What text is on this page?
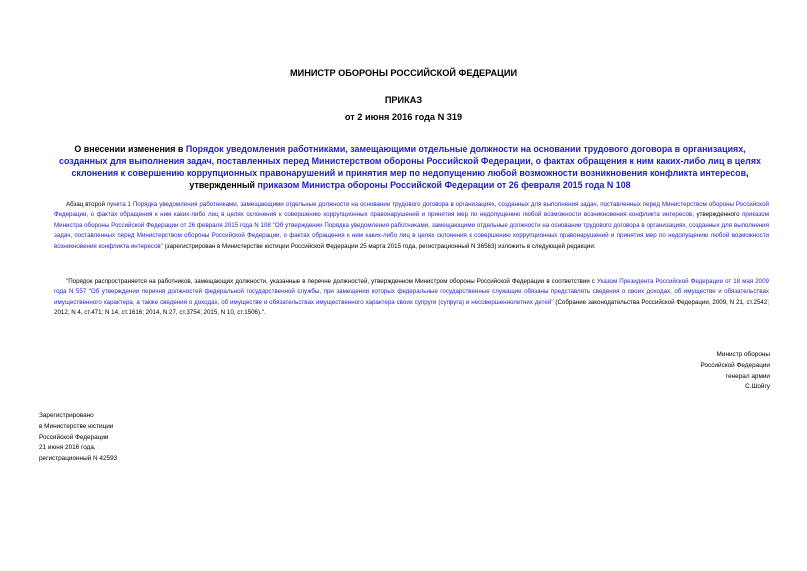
МИНИСТР ОБОРОНЫ РОССИЙСКОЙ ФЕДЕРАЦИИ
ПРИКАЗ
от 2 июня 2016 года N 319
О внесении изменения в Порядок уведомления работниками, замещающими отдельные должности на основании трудового договора в организациях, созданных для выполнения задач, поставленных перед Министерством обороны Российской Федерации, о фактах обращения к ним каких-либо лиц в целях склонения к совершению коррупционных правонарушений и принятия мер по недопущению любой возможности возникновения конфликта интересов, утвержденный приказом Министра обороны Российской Федерации от 26 февраля 2015 года N 108
Абзац второй пункта 1 Порядка уведомления работниками, замещающими отдельные должности на основании трудового договора в организациях, созданных для выполнения задач, поставленных перед Министерством обороны Российской Федерации, о фактах обращения к ним каких-либо лиц в целях склонения к совершению коррупционных правонарушений и принятия мер по недопущению любой возможности возникновения конфликта интересов, утвержденного приказом Министра обороны Российской Федерации от 26 февраля 2015 года N 108 "Об утверждении Порядка уведомления работниками, замещающими отдельные должности на основании трудового договора в организациях, созданных для выполнения задач, поставленных перед Министерством обороны Российской Федерации, о фактах обращения к ним каких-либо лиц в целях склонения к совершению коррупционных правонарушений и принятия мер по недопущению любой возможности возникновения конфликта интересов" (зарегистрирован в Министерстве юстиции Российской Федерации 25 марта 2015 года, регистрационный N 36563) изложить в следующей редакции:
"Порядок распространяется на работников, замещающих должности, указанные в перечне должностей, утвержденном Министром обороны Российской Федерации в соответствии с Указом Президента Российской Федерации от 18 мая 2009 года N 557 "Об утверждении перечня должностей федеральной государственной службы, при замещении которых федеральные государственные служащие обязаны представлять сведения о своих доходах, об имуществе и обязательствах имущественного характера, а также сведения о доходах, об имуществе и обязательствах имущественного характера своих супруги (супруга) и несовершеннолетних детей" (Собрание законодательства Российской Федерации, 2009, N 21, ст.2542; 2012, N 4, ст.471; N 14, ст.1616; 2014, N 27, ст.3754; 2015, N 10, ст.1506).".
Министр обороны
Российской Федерации
генерал армии
С.Шойгу
Зарегистрировано
в Министерстве юстиции
Российской Федерации
21 июня 2016 года,
регистрационный N 42593
